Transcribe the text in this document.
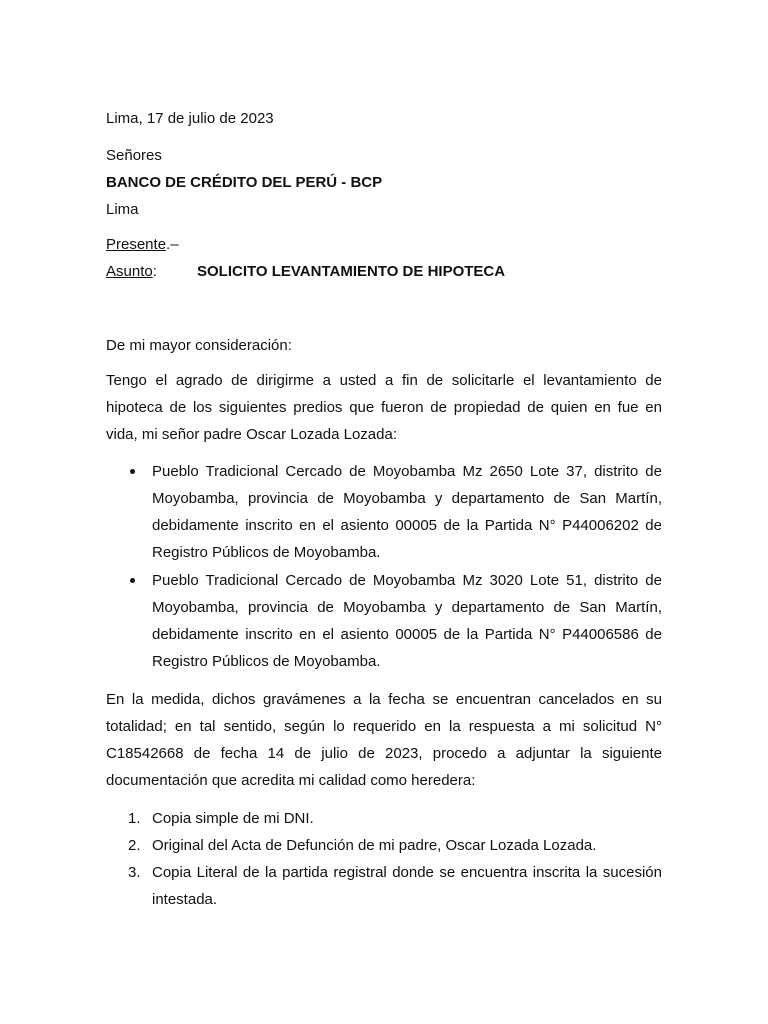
Lima, 17 de julio de 2023
Señores
BANCO DE CRÉDITO DEL PERÚ - BCP
Lima
Presente.–
Asunto:	SOLICITO LEVANTAMIENTO DE HIPOTECA
De mi mayor consideración:
Tengo el agrado de dirigirme a usted a fin de solicitarle el levantamiento de hipoteca de los siguientes predios que fueron de propiedad de quien en fue en vida, mi señor padre Oscar Lozada Lozada:
Pueblo Tradicional Cercado de Moyobamba Mz 2650 Lote 37, distrito de Moyobamba, provincia de Moyobamba y departamento de San Martín, debidamente inscrito en el asiento 00005 de la Partida N° P44006202 de Registro Públicos de Moyobamba.
Pueblo Tradicional Cercado de Moyobamba Mz 3020 Lote 51, distrito de Moyobamba, provincia de Moyobamba y departamento de San Martín, debidamente inscrito en el asiento 00005 de la Partida N° P44006586 de Registro Públicos de Moyobamba.
En la medida, dichos gravámenes a la fecha se encuentran cancelados en su totalidad; en tal sentido, según lo requerido en la respuesta a mi solicitud N° C18542668 de fecha 14 de julio de 2023, procedo a adjuntar la siguiente documentación que acredita mi calidad como heredera:
1. Copia simple de mi DNI.
2. Original del Acta de Defunción de mi padre, Oscar Lozada Lozada.
3. Copia Literal de la partida registral donde se encuentra inscrita la sucesión intestada.
